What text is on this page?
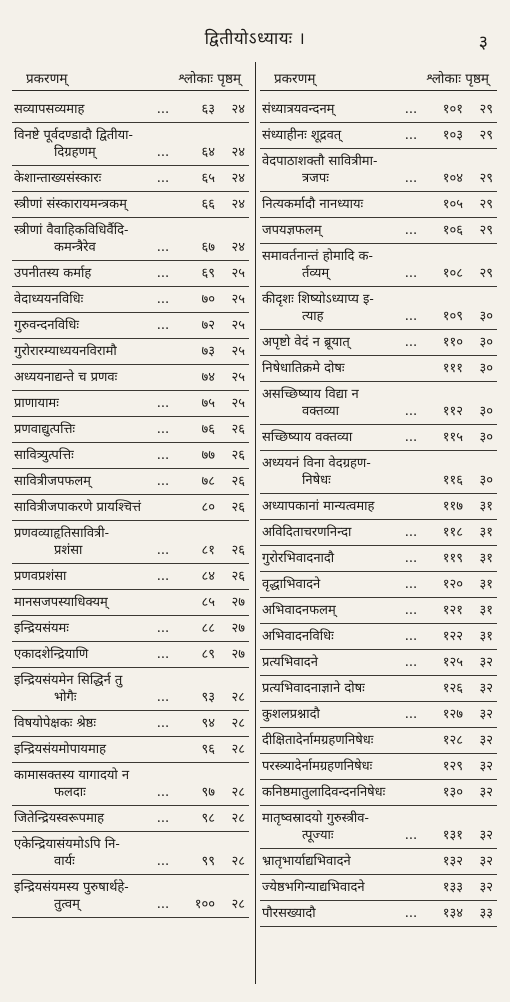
द्वितीयोऽध्यायः ।	३
प्रकरणम्	श्लोकाः पृष्ठम्
सव्यापसव्यमाह	...	६३	२४
विनष्टे पूर्वदण्डादौ द्वितीया-
दिग्रहणम्	...	६४	२४
केशान्ताख्यसंस्कारः	...	६५	२४
स्त्रीणां संस्कारायमन्त्रकम्	६६	२४
स्त्रीणां वैवाहिकविधिर्वैदि-
कमन्त्रैरेव	...	६७	२४
उपनीतस्य कर्माह	...	६९	२५
वेदाध्ययनविधिः	...	७०	२५
गुरुवन्दनविधिः	...	७२	२५
गुरोरारम्याध्ययनविरामौ	७३	२५
अध्ययनाद्यन्ते च प्रणवः	७४	२५
प्राणायामः	...	७५	२५
प्रणवाद्युत्पत्तिः	...	७६	२६
सावित्र्युत्पत्तिः	...	७७	२६
सावित्रीजपफलम्	...	७८	२६
सावित्रीजपाकरणे प्रायश्चित्तं	८०	२६
प्रणवव्याहृतिसावित्री-
प्रशंसा	...	८१	२६
प्रणवप्रशंसा	...	८४	२६
मानसजपस्याधिक्यम्	८५	२७
इन्द्रियसंयमः	...	८८	२७
एकादशेन्द्रियाणि	...	८९	२७
इन्द्रियसंयमेन सिद्धिर्न तु
भोगैः	...	९३	२८
विषयोपेक्षकः श्रेष्ठः	...	९४	२८
इन्द्रियसंयमोपायमाह	९६	२८
कामासक्तस्य यागादयो न
फलदाः	...	९७	२८
जितेन्द्रियस्वरूपमाह	...	९८	२८
एकेन्द्रियासंयमोऽपि नि-
वार्यः	...	९९	२८
इन्द्रियसंयमस्य पुरुषार्थहे-
तुत्वम्	...	१००	२८
प्रकरणम्	श्लोकाः पृष्ठम्
संध्यात्रयवन्दनम्	...	१०१	२९
संध्याहीनः शूद्रवत्	...	१०३	२९
वेदपाठाशक्तौ सावित्रीमा-
त्रजपः	...	१०४	२९
नित्यकर्मादौ नानध्यायः	१०५	२९
जपयज्ञफलम्	...	१०६	२९
समावर्तनान्तं होमादि क-
र्तव्यम्	...	१०८	२९
कीदृशः शिष्योऽध्याप्य इ-
त्याह	...	१०९	३०
अपृष्टो वेदं न ब्रूयात्	...	११०	३०
निषेधातिक्रमे दोषः	१११	३०
असच्छिष्याय विद्या न
वक्तव्या	...	११२	३०
सच्छिष्याय वक्तव्या	...	११५	३०
अध्ययनं विना वेदग्रहण-
निषेधः	११६	३०
अध्यापकानां मान्यत्वमाह	११७	३१
अविदिताचरणनिन्दा	...	११८	३१
गुरोरभिवादनादौ	...	११९	३१
वृद्धाभिवादने	...	१२०	३१
अभिवादनफलम्	...	१२१	३१
अभिवादनविधिः	...	१२२	३१
प्रत्यभिवादने	...	१२५	३२
प्रत्यभिवादनाज्ञाने दोषः	१२६	३२
कुशलप्रश्नादौ	...	१२७	३२
दीक्षितादेर्नामग्रहणनिषेधः	१२८	३२
परस्त्र्यादेर्नामग्रहणनिषेधः	१२९	३२
कनिष्ठमातुलादिवन्दननिषेधः	१३०	३२
मातृष्वस्रादयो गुरुस्त्रीव-
त्पूज्याः	...	१३१	३२
भ्रातृभार्याद्यभिवादने	१३२	३२
ज्येष्ठभगिन्याद्यभिवादने	१३३	३२
पौरसख्यादौ	...	१३४	३३
